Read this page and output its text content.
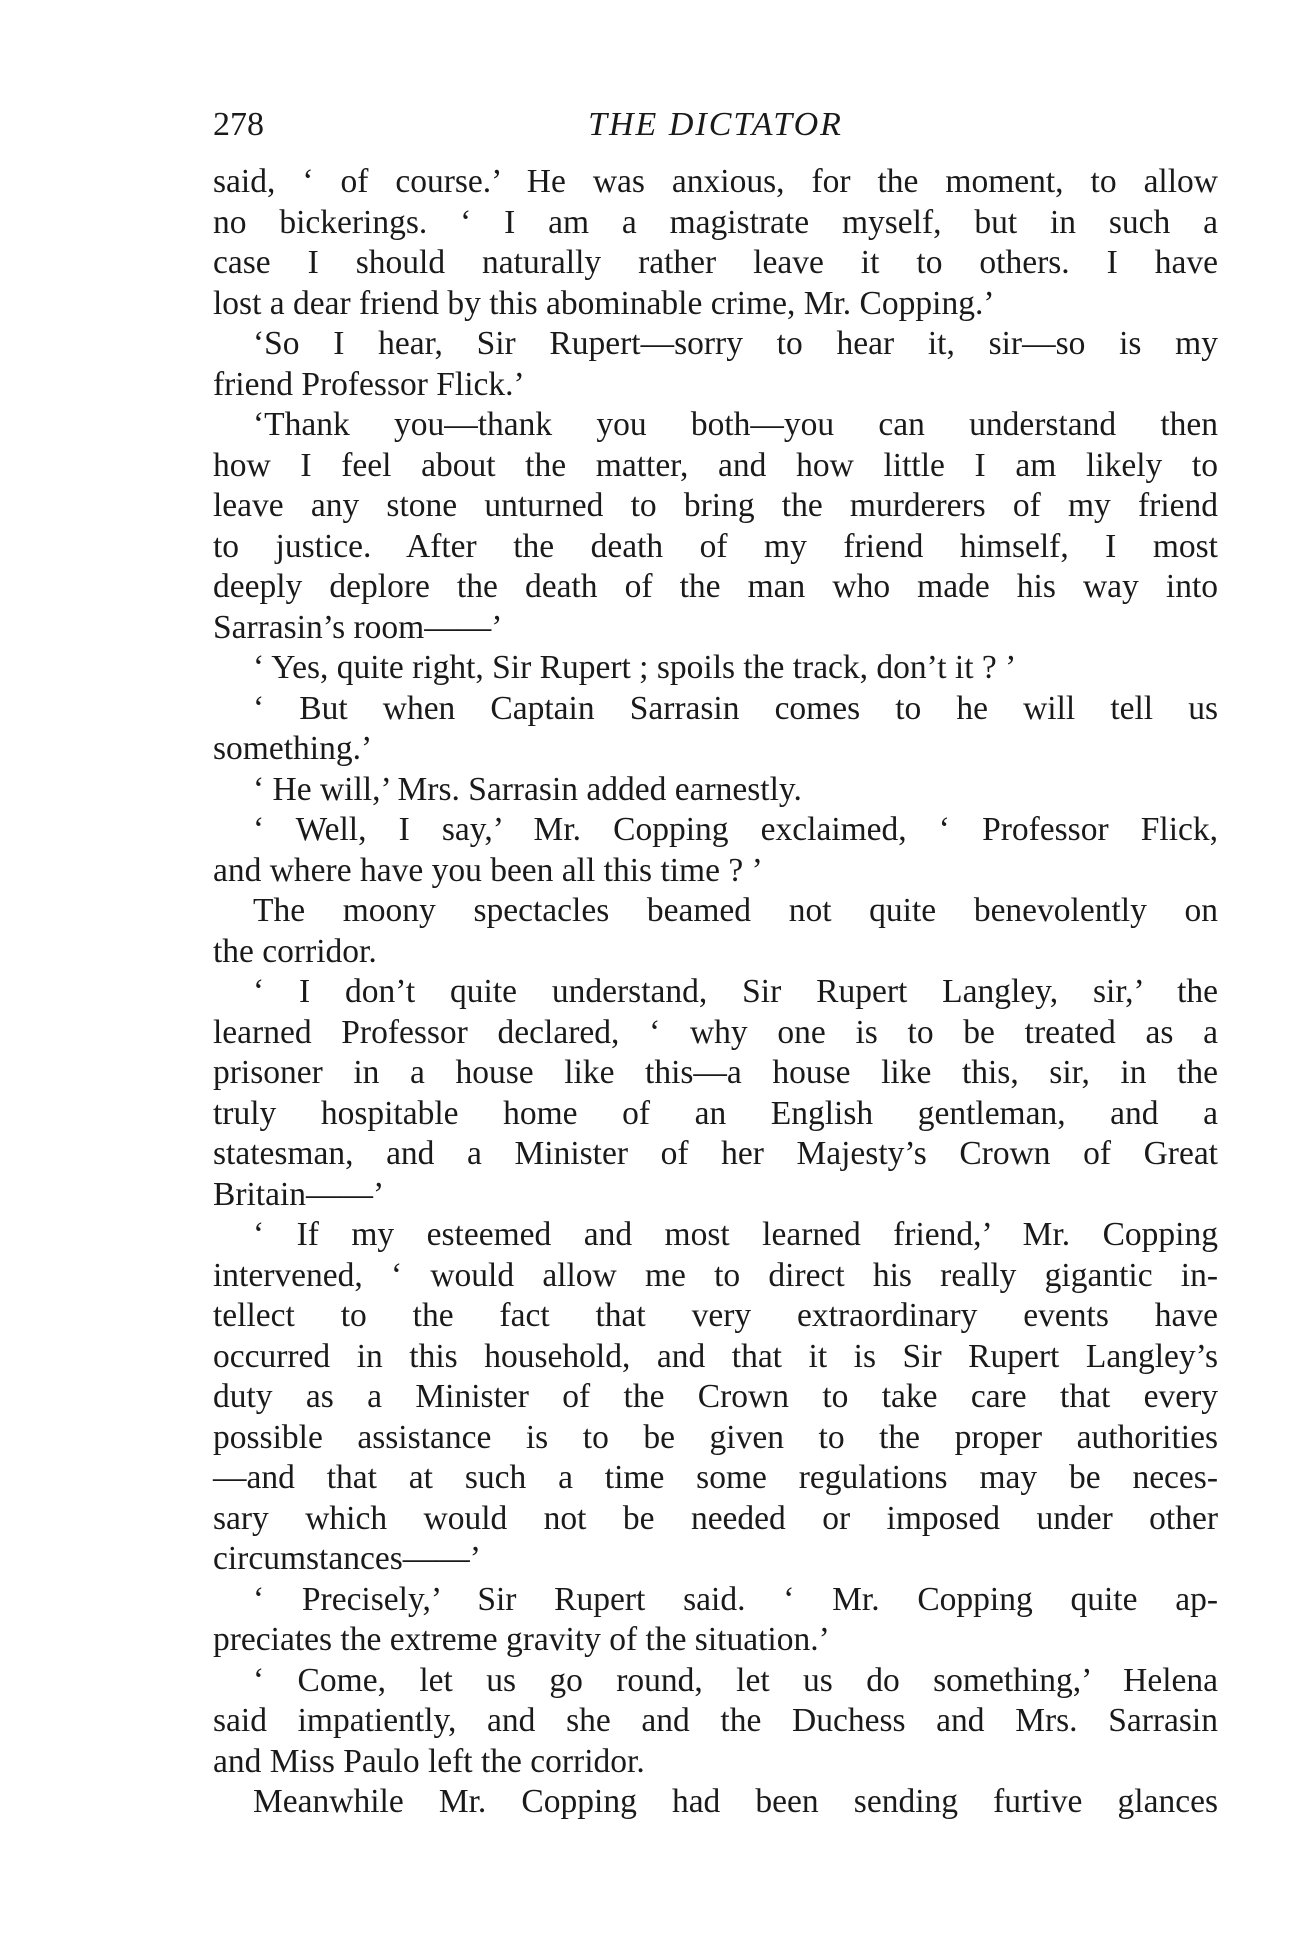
278	THE DICTATOR
said, ‘ of course.’ He was anxious, for the moment, to allow
no bickerings. ‘ I am a magistrate myself, but in such a
case I should naturally rather leave it to others. I have
lost a dear friend by this abominable crime, Mr. Copping.’
‘So I hear, Sir Rupert—sorry to hear it, sir—so is my
friend Professor Flick.’
‘Thank you—thank you both—you can understand then
how I feel about the matter, and how little I am likely to
leave any stone unturned to bring the murderers of my friend
to justice. After the death of my friend himself, I most
deeply deplore the death of the man who made his way into
Sarrasin’s room——’
‘ Yes, quite right, Sir Rupert ; spoils the track, don’t it ? ’
‘ But when Captain Sarrasin comes to he will tell us
something.’
‘ He will,’ Mrs. Sarrasin added earnestly.
‘ Well, I say,’ Mr. Copping exclaimed, ‘ Professor Flick,
and where have you been all this time ? ’
The moony spectacles beamed not quite benevolently on
the corridor.
‘ I don’t quite understand, Sir Rupert Langley, sir,’ the
learned Professor declared, ‘ why one is to be treated as a
prisoner in a house like this—a house like this, sir, in the
truly hospitable home of an English gentleman, and a
statesman, and a Minister of her Majesty’s Crown of Great
Britain——’
‘ If my esteemed and most learned friend,’ Mr. Copping
intervened, ‘ would allow me to direct his really gigantic in-
tellect to the fact that very extraordinary events have
occurred in this household, and that it is Sir Rupert Langley’s
duty as a Minister of the Crown to take care that every
possible assistance is to be given to the proper authorities
—and that at such a time some regulations may be neces-
sary which would not be needed or imposed under other
circumstances——’
‘ Precisely,’ Sir Rupert said. ‘ Mr. Copping quite ap-
preciates the extreme gravity of the situation.’
‘ Come, let us go round, let us do something,’ Helena
said impatiently, and she and the Duchess and Mrs. Sarrasin
and Miss Paulo left the corridor.
Meanwhile Mr. Copping had been sending furtive glances
